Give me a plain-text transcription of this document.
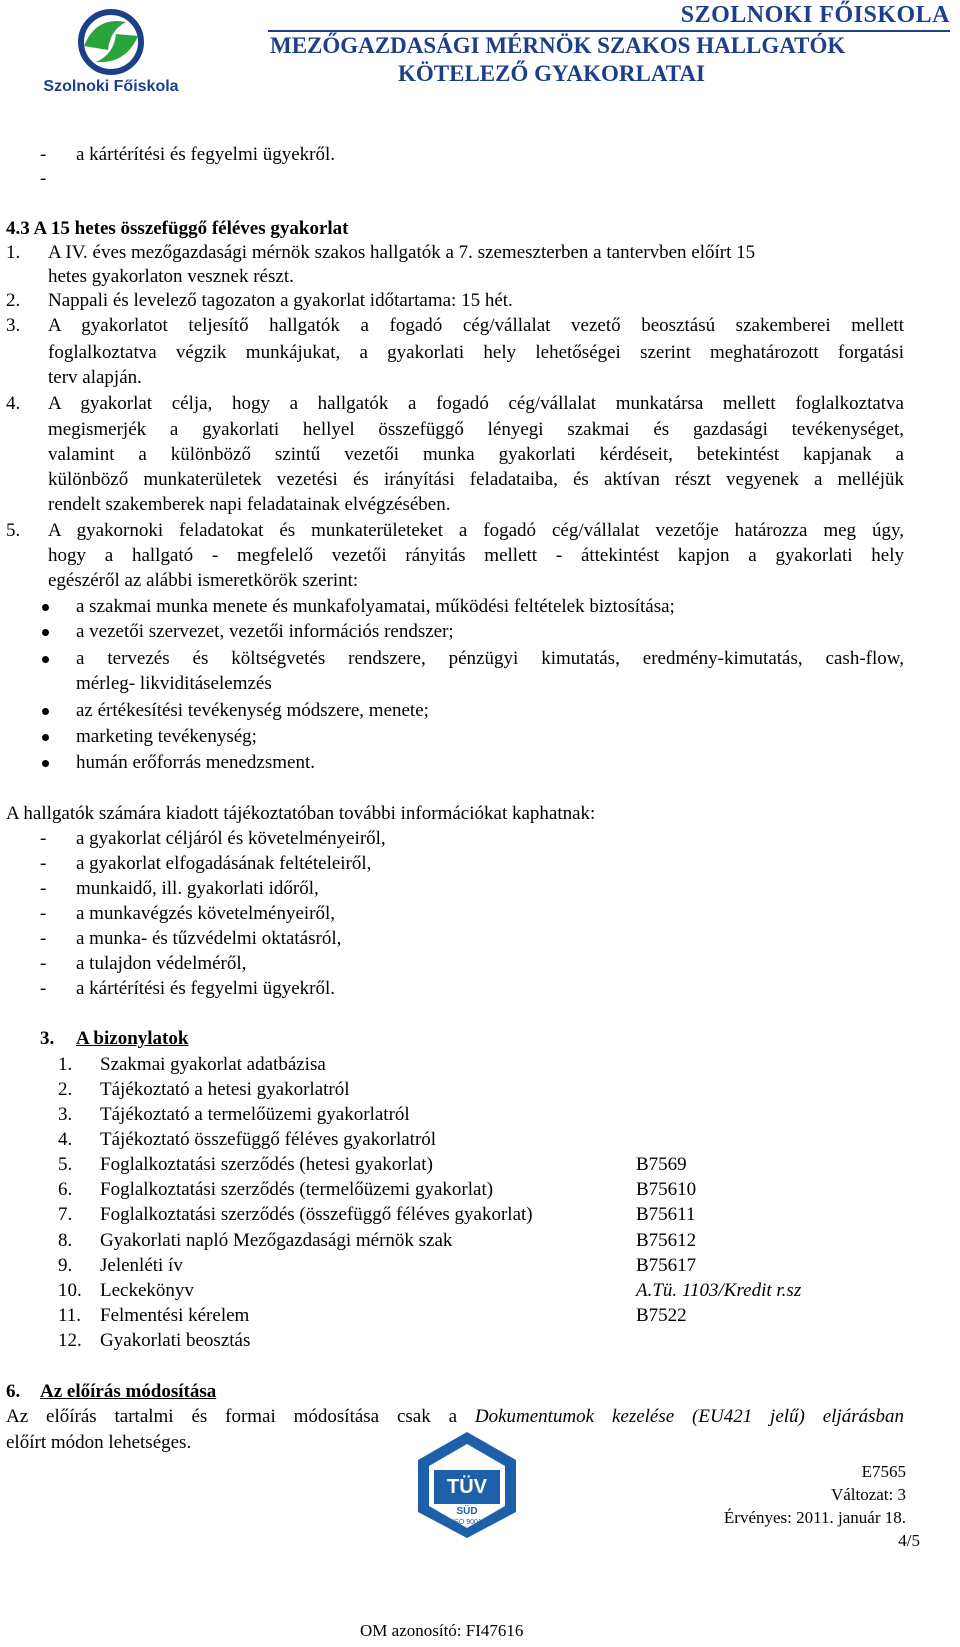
Szolnoki Főiskola
SZOLNOKI FŐISKOLA
MEZŐGAZDASÁGI MÉRNÖK SZAKOS HALLGATÓK
KÖTELEZŐ GYAKORLATAI
- a kártérítési és fegyelmi ügyekről.
-
4.3 A 15 hetes összefüggő féléves gyakorlat
1. A IV. éves mezőgazdasági mérnök szakos hallgatók a 7. szemeszterben a tantervben előírt 15
hetes gyakorlaton vesznek részt.
2. Nappali és levelező tagozaton a gyakorlat időtartama: 15 hét.
3. A gyakorlatot teljesítő hallgatók a fogadó cég/vállalat vezető beosztású szakemberei mellett
foglalkoztatva végzik munkájukat, a gyakorlati hely lehetőségei szerint meghatározott forgatási
terv alapján.
4. A gyakorlat célja, hogy a hallgatók a fogadó cég/vállalat munkatársa mellett foglalkoztatva
megismerjék a gyakorlati hellyel összefüggő lényegi szakmai és gazdasági tevékenységet,
valamint a különböző szintű vezetői munka gyakorlati kérdéseit, betekintést kapjanak a
különböző munkaterületek vezetési és irányítási feladataiba, és aktívan részt vegyenek a melléjük
rendelt szakemberek napi feladatainak elvégzésében.
5. A gyakornoki feladatokat és munkaterületeket a fogadó cég/vállalat vezetője határozza meg úgy,
hogy a hallgató - megfelelő vezetői rányitás mellett - áttekintést kapjon a gyakorlati hely
egészéről az alábbi ismeretkörök szerint:
a szakmai munka menete és munkafolyamatai, működési feltételek biztosítása;
a vezetői szervezet, vezetői információs rendszer;
a tervezés és költségvetés rendszere, pénzügyi kimutatás, eredmény-kimutatás, cash-flow,
mérleg- likviditáselemzés
az értékesítési tevékenység módszere, menete;
marketing tevékenység;
humán erőforrás menedzsment.
A hallgatók számára kiadott tájékoztatóban további információkat kaphatnak:
- a gyakorlat céljáról és követelményeiről,
- a gyakorlat elfogadásának feltételeiről,
- munkaidő, ill. gyakorlati időről,
- a munkavégzés követelményeiről,
- a munka- és tűzvédelmi oktatásról,
- a tulajdon védelméről,
- a kártérítési és fegyelmi ügyekről.
3. A bizonylatok
1. Szakmai gyakorlat adatbázisa
2. Tájékoztató a hetesi gyakorlatról
3. Tájékoztató a termelőüzemi gyakorlatról
4. Tájékoztató összefüggő féléves gyakorlatról
5. Foglalkoztatási szerződés (hetesi gyakorlat)	B7569
6. Foglalkoztatási szerződés (termelőüzemi gyakorlat)	B75610
7. Foglalkoztatási szerződés (összefüggő féléves gyakorlat)	B75611
8. Gyakorlati napló Mezőgazdasági mérnök szak	B75612
9. Jelenléti ív	B75617
10. Leckekönyv	A.Tü. 1103/Kredit r.sz
11. Felmentési kérelem	B7522
12. Gyakorlati beosztás
6. Az előírás módosítása
Az előírás tartalmi és formai módosítása csak a Dokumentumok kezelése (EU421 jelű) eljárásban
előírt módon lehetséges.
TÜV
SÜD
ISO 9001
E7565
Változat: 3
Érvényes: 2011. január 18.
4/5
OM azonosító: FI47616
